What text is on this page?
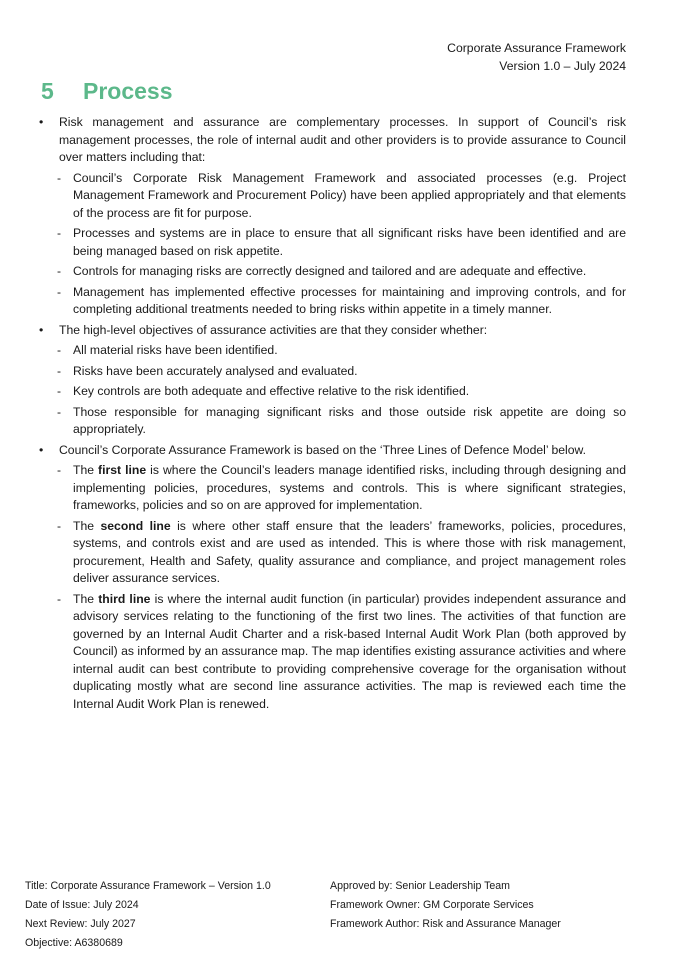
Corporate Assurance Framework
Version 1.0 – July 2024
5	Process
•	Risk management and assurance are complementary processes. In support of Council’s risk management processes, the role of internal audit and other providers is to provide assurance to Council over matters including that:
- Council’s Corporate Risk Management Framework and associated processes (e.g. Project Management Framework and Procurement Policy) have been applied appropriately and that elements of the process are fit for purpose.
- Processes and systems are in place to ensure that all significant risks have been identified and are being managed based on risk appetite.
- Controls for managing risks are correctly designed and tailored and are adequate and effective.
- Management has implemented effective processes for maintaining and improving controls, and for completing additional treatments needed to bring risks within appetite in a timely manner.
•	The high-level objectives of assurance activities are that they consider whether:
- All material risks have been identified.
- Risks have been accurately analysed and evaluated.
- Key controls are both adequate and effective relative to the risk identified.
- Those responsible for managing significant risks and those outside risk appetite are doing so appropriately.
•	Council’s Corporate Assurance Framework is based on the ‘Three Lines of Defence Model’ below.
- The first line is where the Council’s leaders manage identified risks, including through designing and implementing policies, procedures, systems and controls. This is where significant strategies, frameworks, policies and so on are approved for implementation.
- The second line is where other staff ensure that the leaders’ frameworks, policies, procedures, systems, and controls exist and are used as intended. This is where those with risk management, procurement, Health and Safety, quality assurance and compliance, and project management roles deliver assurance services.
- The third line is where the internal audit function (in particular) provides independent assurance and advisory services relating to the functioning of the first two lines. The activities of that function are governed by an Internal Audit Charter and a risk-based Internal Audit Work Plan (both approved by Council) as informed by an assurance map. The map identifies existing assurance activities and where internal audit can best contribute to providing comprehensive coverage for the organisation without duplicating mostly what are second line assurance activities. The map is reviewed each time the Internal Audit Work Plan is renewed.
Title: Corporate Assurance Framework – Version 1.0
Date of Issue: July 2024
Next Review: July 2027
Objective: A6380689
Approved by: Senior Leadership Team
Framework Owner: GM Corporate Services
Framework Author: Risk and Assurance Manager
